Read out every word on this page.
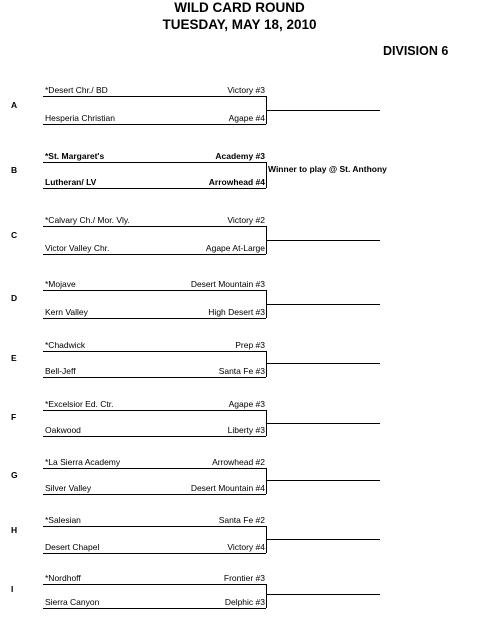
WILD CARD ROUND
TUESDAY, MAY 18, 2010
DIVISION 6
*Desert Chr./ BD	Victory #3
Hesperia Christian	Agape #4
A
*St. Margaret's	Academy #3
Lutheran/ LV	Arrowhead #4
Winner to play @ St. Anthony
B
*Calvary Ch./ Mor. Vly.	Victory #2
Victor Valley Chr.	Agape At-Large
C
*Mojave	Desert Mountain #3
Kern Valley	High Desert #3
D
*Chadwick	Prep #3
Bell-Jeff	Santa Fe #3
E
*Excelsior Ed. Ctr.	Agape #3
Oakwood	Liberty #3
F
*La Sierra Academy	Arrowhead #2
Silver Valley	Desert Mountain #4
G
*Salesian	Santa Fe #2
Desert Chapel	Victory #4
H
*Nordhoff	Frontier #3
Sierra Canyon	Delphic #3
I
